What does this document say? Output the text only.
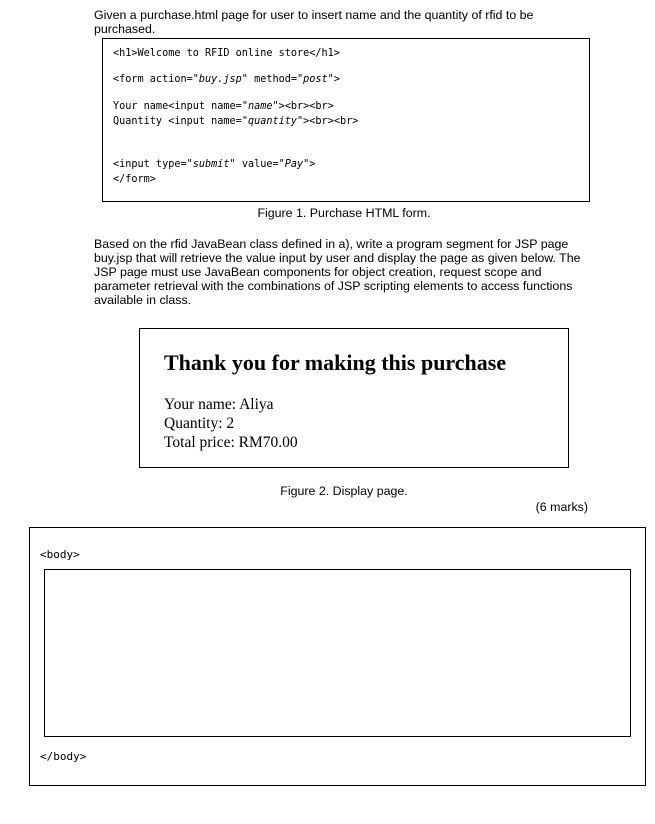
Given a purchase.html page for user to insert name and the quantity of rfid to be purchased.
<h1>Welcome to RFID online store</h1>
<form action="buy.jsp" method="post">
Your name<input name="name"><br><br>
Quantity <input name="quantity"><br><br>
<input type="submit" value="Pay">
</form>
Figure 1. Purchase HTML form.
Based on the rfid JavaBean class defined in a), write a program segment for JSP page buy.jsp that will retrieve the value input by user and display the page as given below. The JSP page must use JavaBean components for object creation, request scope and parameter retrieval with the combinations of JSP scripting elements to access functions available in class.
Thank you for making this purchase
Your name: Aliya
Quantity: 2
Total price: RM70.00
Figure 2. Display page.
(6 marks)
<body>
</body>
